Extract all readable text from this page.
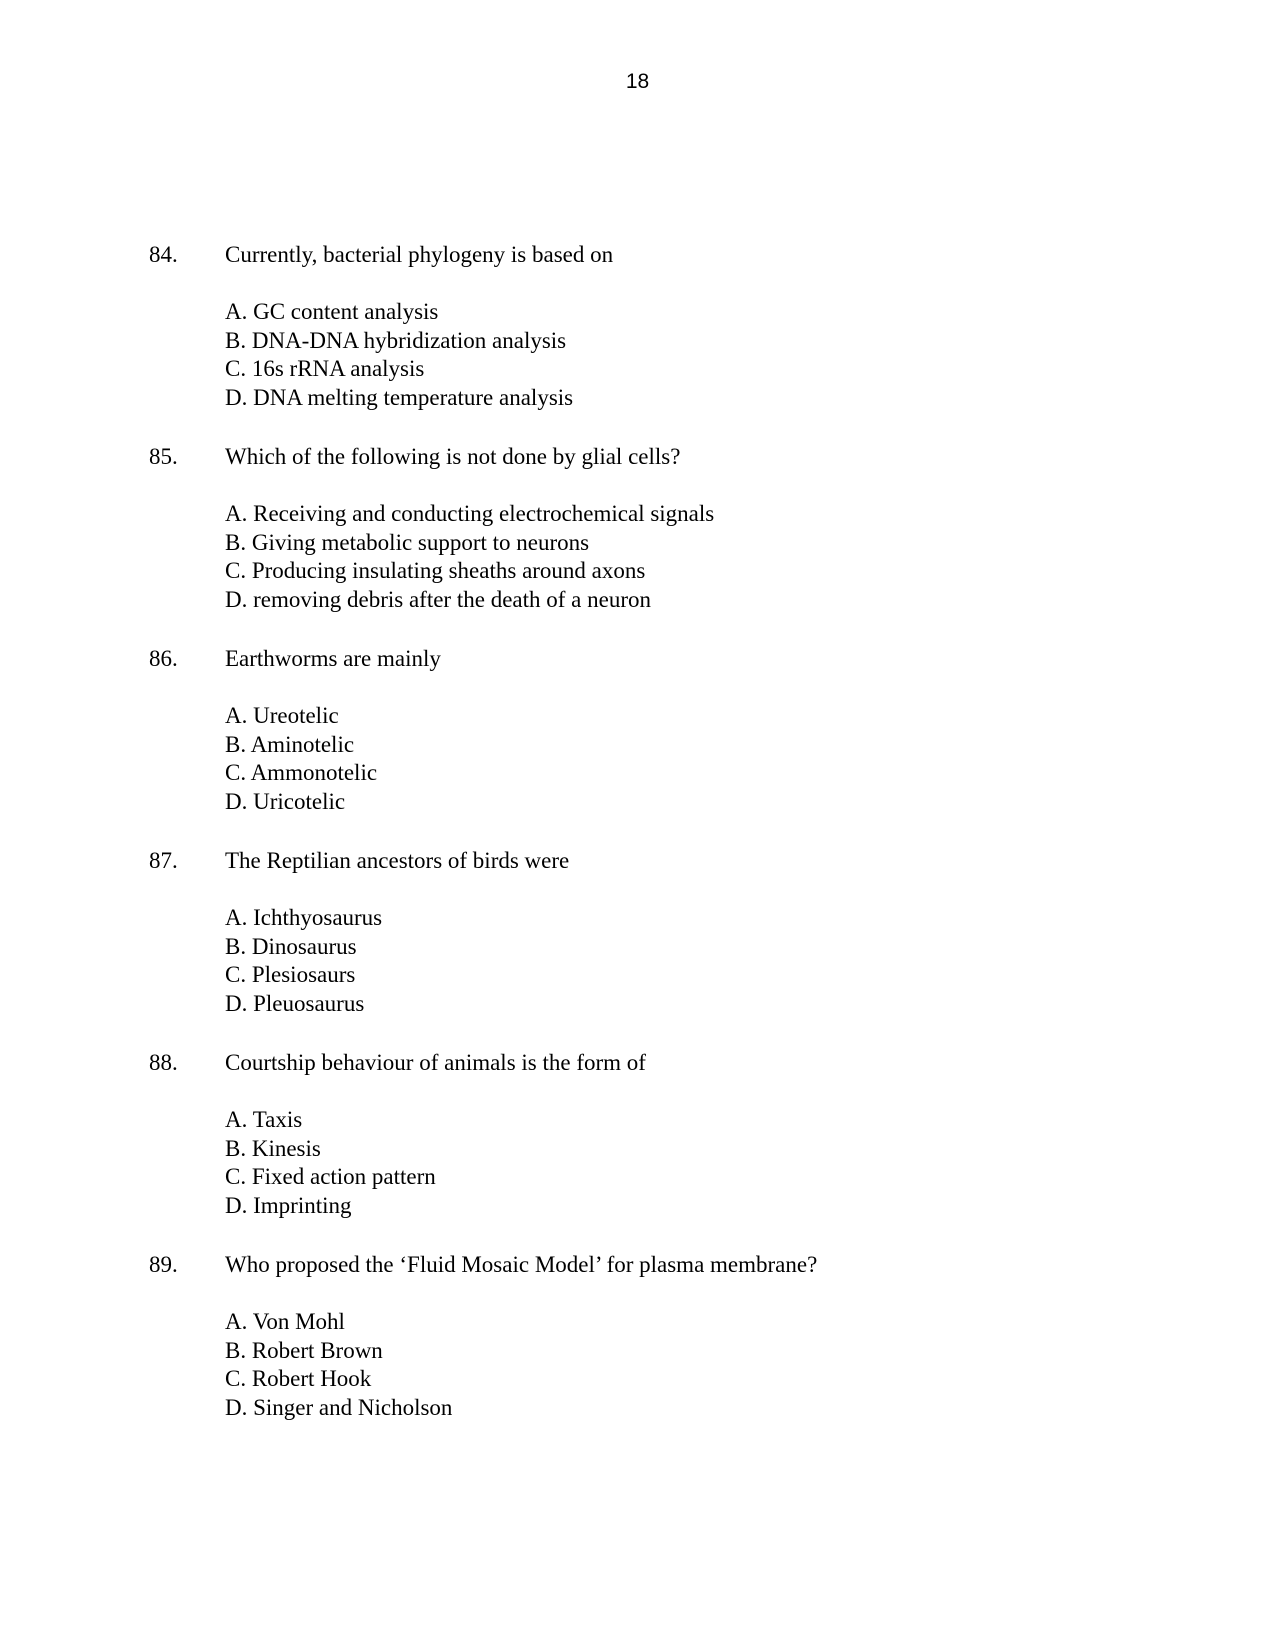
18
84. Currently, bacterial phylogeny is based on
A. GC content analysis
B. DNA-DNA hybridization analysis
C. 16s rRNA analysis
D. DNA melting temperature analysis
85. Which of the following is not done by glial cells?
A. Receiving and conducting electrochemical signals
B. Giving metabolic support to neurons
C. Producing insulating sheaths around axons
D. removing debris after the death of a neuron
86. Earthworms are mainly
A. Ureotelic
B. Aminotelic
C. Ammonotelic
D. Uricotelic
87. The Reptilian ancestors of birds were
A. Ichthyosaurus
B. Dinosaurus
C. Plesiosaurs
D. Pleuosaurus
88. Courtship behaviour of animals is the form of
A. Taxis
B. Kinesis
C. Fixed action pattern
D. Imprinting
89. Who proposed the ‘Fluid Mosaic Model’ for plasma membrane?
A. Von Mohl
B. Robert Brown
C. Robert Hook
D. Singer and Nicholson
